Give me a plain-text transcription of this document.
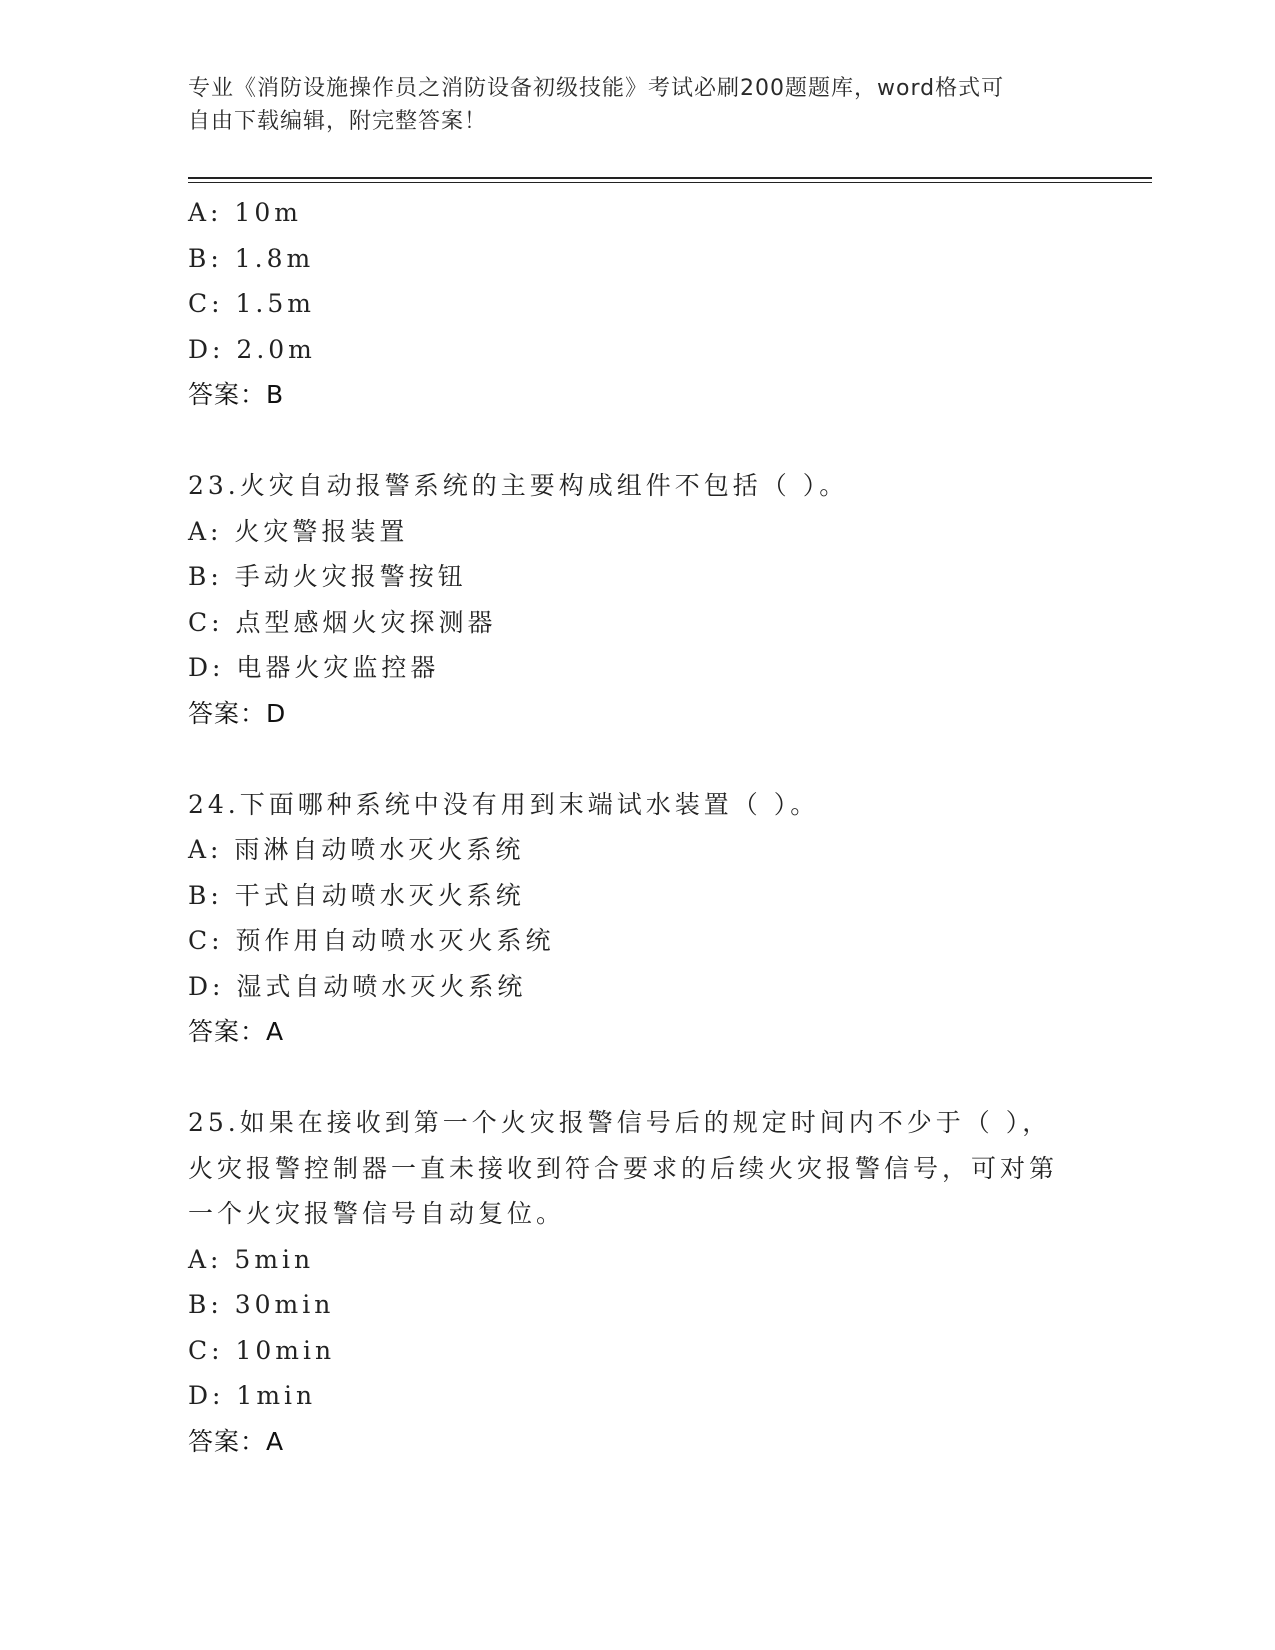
专业《消防设施操作员之消防设备初级技能》考试必刷200题题库，word格式可
自由下载编辑，附完整答案！
A: 10m
B: 1.8m
C: 1.5m
D: 2.0m
答案：B
23.火灾自动报警系统的主要构成组件不包括（ ）。
A: 火灾警报装置
B: 手动火灾报警按钮
C: 点型感烟火灾探测器
D: 电器火灾监控器
答案：D
24.下面哪种系统中没有用到末端试水装置（ ）。
A: 雨淋自动喷水灭火系统
B: 干式自动喷水灭火系统
C: 预作用自动喷水灭火系统
D: 湿式自动喷水灭火系统
答案：A
25.如果在接收到第一个火灾报警信号后的规定时间内不少于（ ），火灾报警控制器一直未接收到符合要求的后续火灾报警信号，可对第一个火灾报警信号自动复位。
A: 5min
B: 30min
C: 10min
D: 1min
答案：A
